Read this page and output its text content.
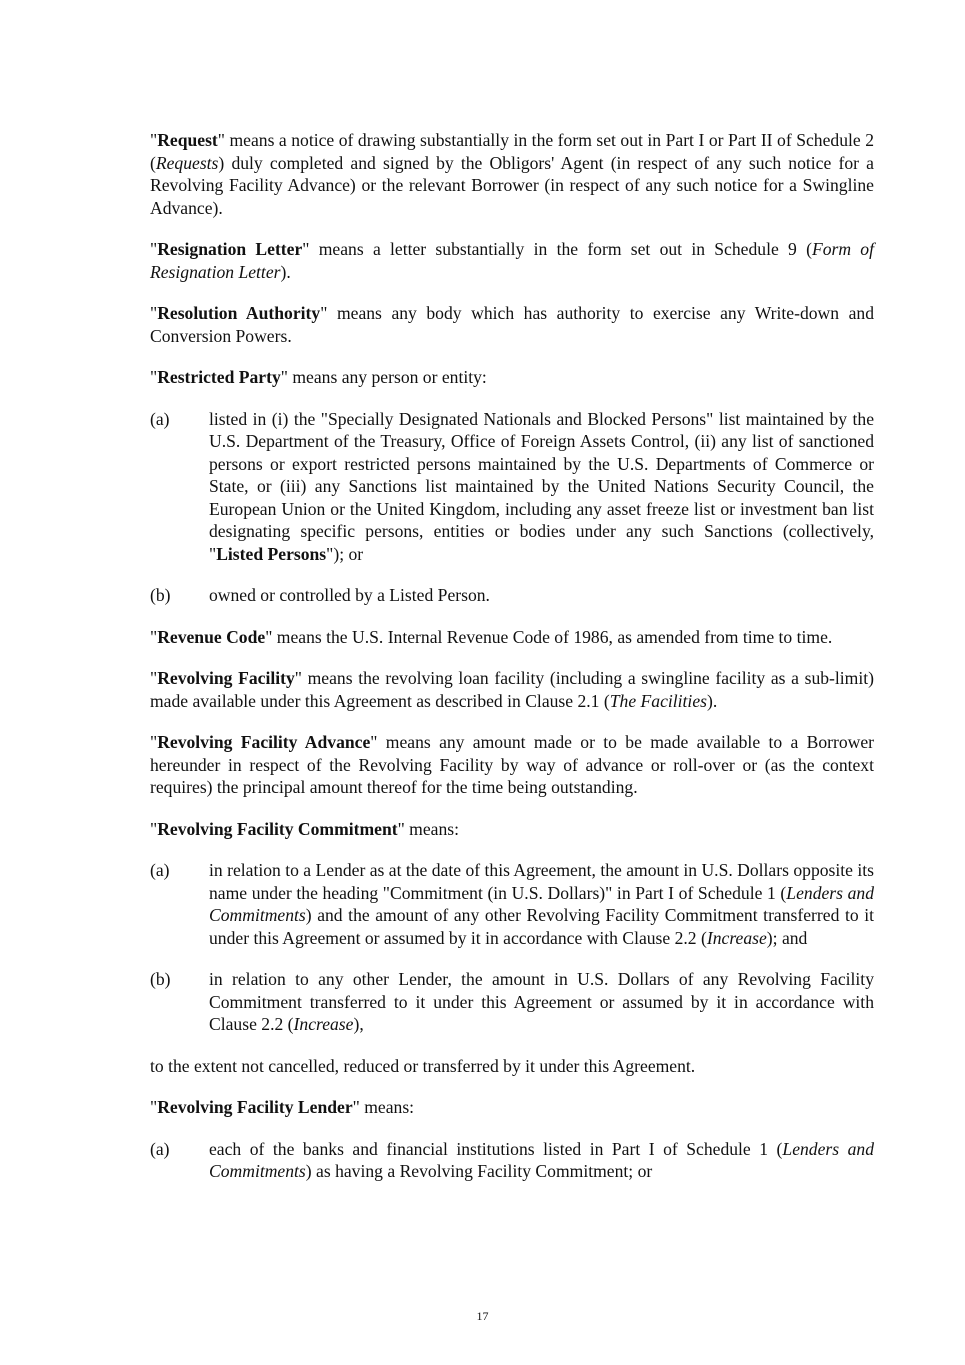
"Request" means a notice of drawing substantially in the form set out in Part I or Part II of Schedule 2 (Requests) duly completed and signed by the Obligors' Agent (in respect of any such notice for a Revolving Facility Advance) or the relevant Borrower (in respect of any such notice for a Swingline Advance).

"Resignation Letter" means a letter substantially in the form set out in Schedule 9 (Form of Resignation Letter).

"Resolution Authority" means any body which has authority to exercise any Write-down and Conversion Powers.

"Restricted Party" means any person or entity:

(a)	listed in (i) the "Specially Designated Nationals and Blocked Persons" list maintained by the U.S. Department of the Treasury, Office of Foreign Assets Control, (ii) any list of sanctioned persons or export restricted persons maintained by the U.S. Departments of Commerce or State, or (iii) any Sanctions list maintained by the United Nations Security Council, the European Union or the United Kingdom, including any asset freeze list or investment ban list designating specific persons, entities or bodies under any such Sanctions (collectively, "Listed Persons"); or
(b)	owned or controlled by a Listed Person.

"Revenue Code" means the U.S. Internal Revenue Code of 1986, as amended from time to time.

"Revolving Facility" means the revolving loan facility (including a swingline facility as a sub-limit) made available under this Agreement as described in Clause 2.1 (The Facilities).

"Revolving Facility Advance" means any amount made or to be made available to a Borrower hereunder in respect of the Revolving Facility by way of advance or roll-over or (as the context requires) the principal amount thereof for the time being outstanding.

"Revolving Facility Commitment" means:

(a)	in relation to a Lender as at the date of this Agreement, the amount in U.S. Dollars opposite its name under the heading "Commitment (in U.S. Dollars)" in Part I of Schedule 1 (Lenders and Commitments) and the amount of any other Revolving Facility Commitment transferred to it under this Agreement or assumed by it in accordance with Clause 2.2 (Increase); and
(b)	in relation to any other Lender, the amount in U.S. Dollars of any Revolving Facility Commitment transferred to it under this Agreement or assumed by it in accordance with Clause 2.2 (Increase),

to the extent not cancelled, reduced or transferred by it under this Agreement.

"Revolving Facility Lender" means:

(a)	each of the banks and financial institutions listed in Part I of Schedule 1 (Lenders and Commitments) as having a Revolving Facility Commitment; or
17
